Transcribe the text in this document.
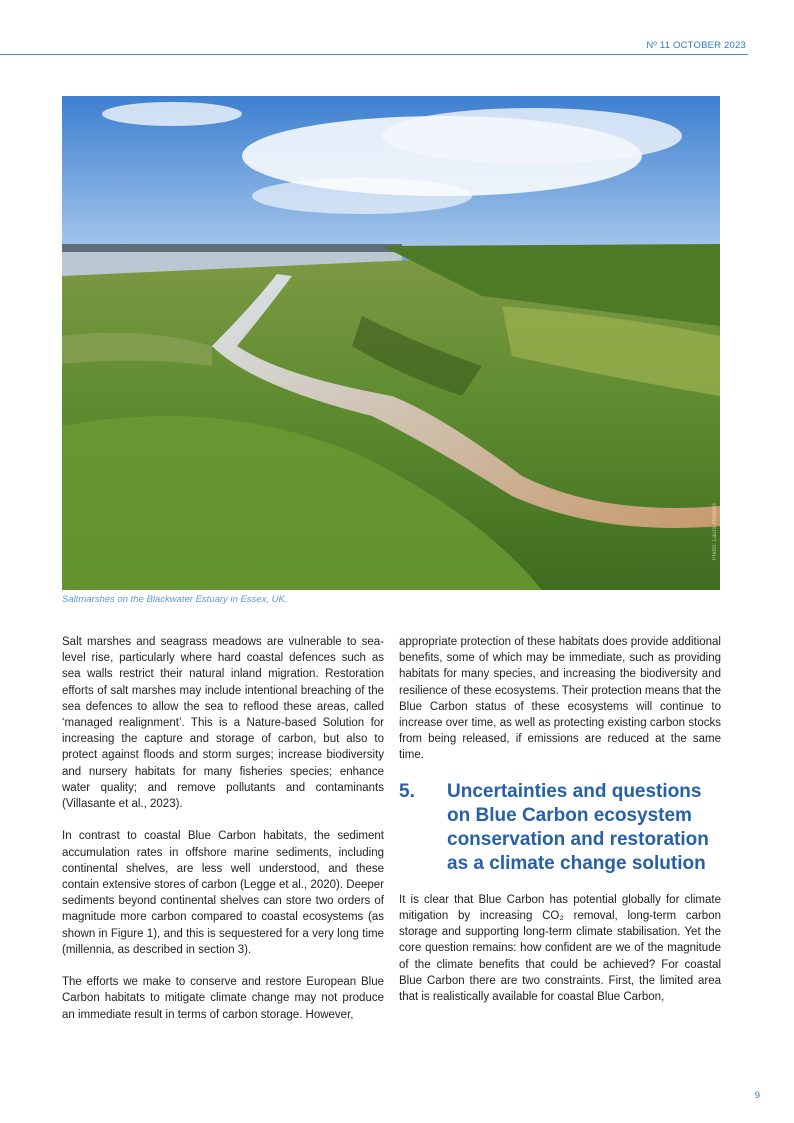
Nº 11 OCTOBER 2023
Photo: Laura Hoskins
Saltmarshes on the Blackwater Estuary in Essex, UK.

Salt marshes and seagrass meadows are vulnerable to sea-level rise, particularly where hard coastal defences such as sea walls restrict their natural inland migration. Restoration efforts of salt marshes may include intentional breaching of the sea defences to allow the sea to reflood these areas, called ‘managed realignment’. This is a Nature-based Solution for increasing the capture and storage of carbon, but also to protect against floods and storm surges; increase biodiversity and nursery habitats for many fisheries species; enhance water quality; and remove pollutants and contaminants (Villasante et al., 2023).

In contrast to coastal Blue Carbon habitats, the sediment accumulation rates in offshore marine sediments, including continental shelves, are less well understood, and these contain extensive stores of carbon (Legge et al., 2020). Deeper sediments beyond continental shelves can store two orders of magnitude more carbon compared to coastal ecosystems (as shown in Figure 1), and this is sequestered for a very long time (millennia, as described in section 3).

The efforts we make to conserve and restore European Blue Carbon habitats to mitigate climate change may not produce an immediate result in terms of carbon storage. However,

appropriate protection of these habitats does provide additional benefits, some of which may be immediate, such as providing habitats for many species, and increasing the biodiversity and resilience of these ecosystems. Their protection means that the Blue Carbon status of these ecosystems will continue to increase over time, as well as protecting existing carbon stocks from being released, if emissions are reduced at the same time.

5.	Uncertainties and questions on Blue Carbon ecosystem conservation and restoration as a climate change solution

It is clear that Blue Carbon has potential globally for climate mitigation by increasing CO₂ removal, long-term carbon storage and supporting long-term climate stabilisation. Yet the core question remains: how confident are we of the magnitude of the climate benefits that could be achieved? For coastal Blue Carbon there are two constraints. First, the limited area that is realistically available for coastal Blue Carbon,

9
